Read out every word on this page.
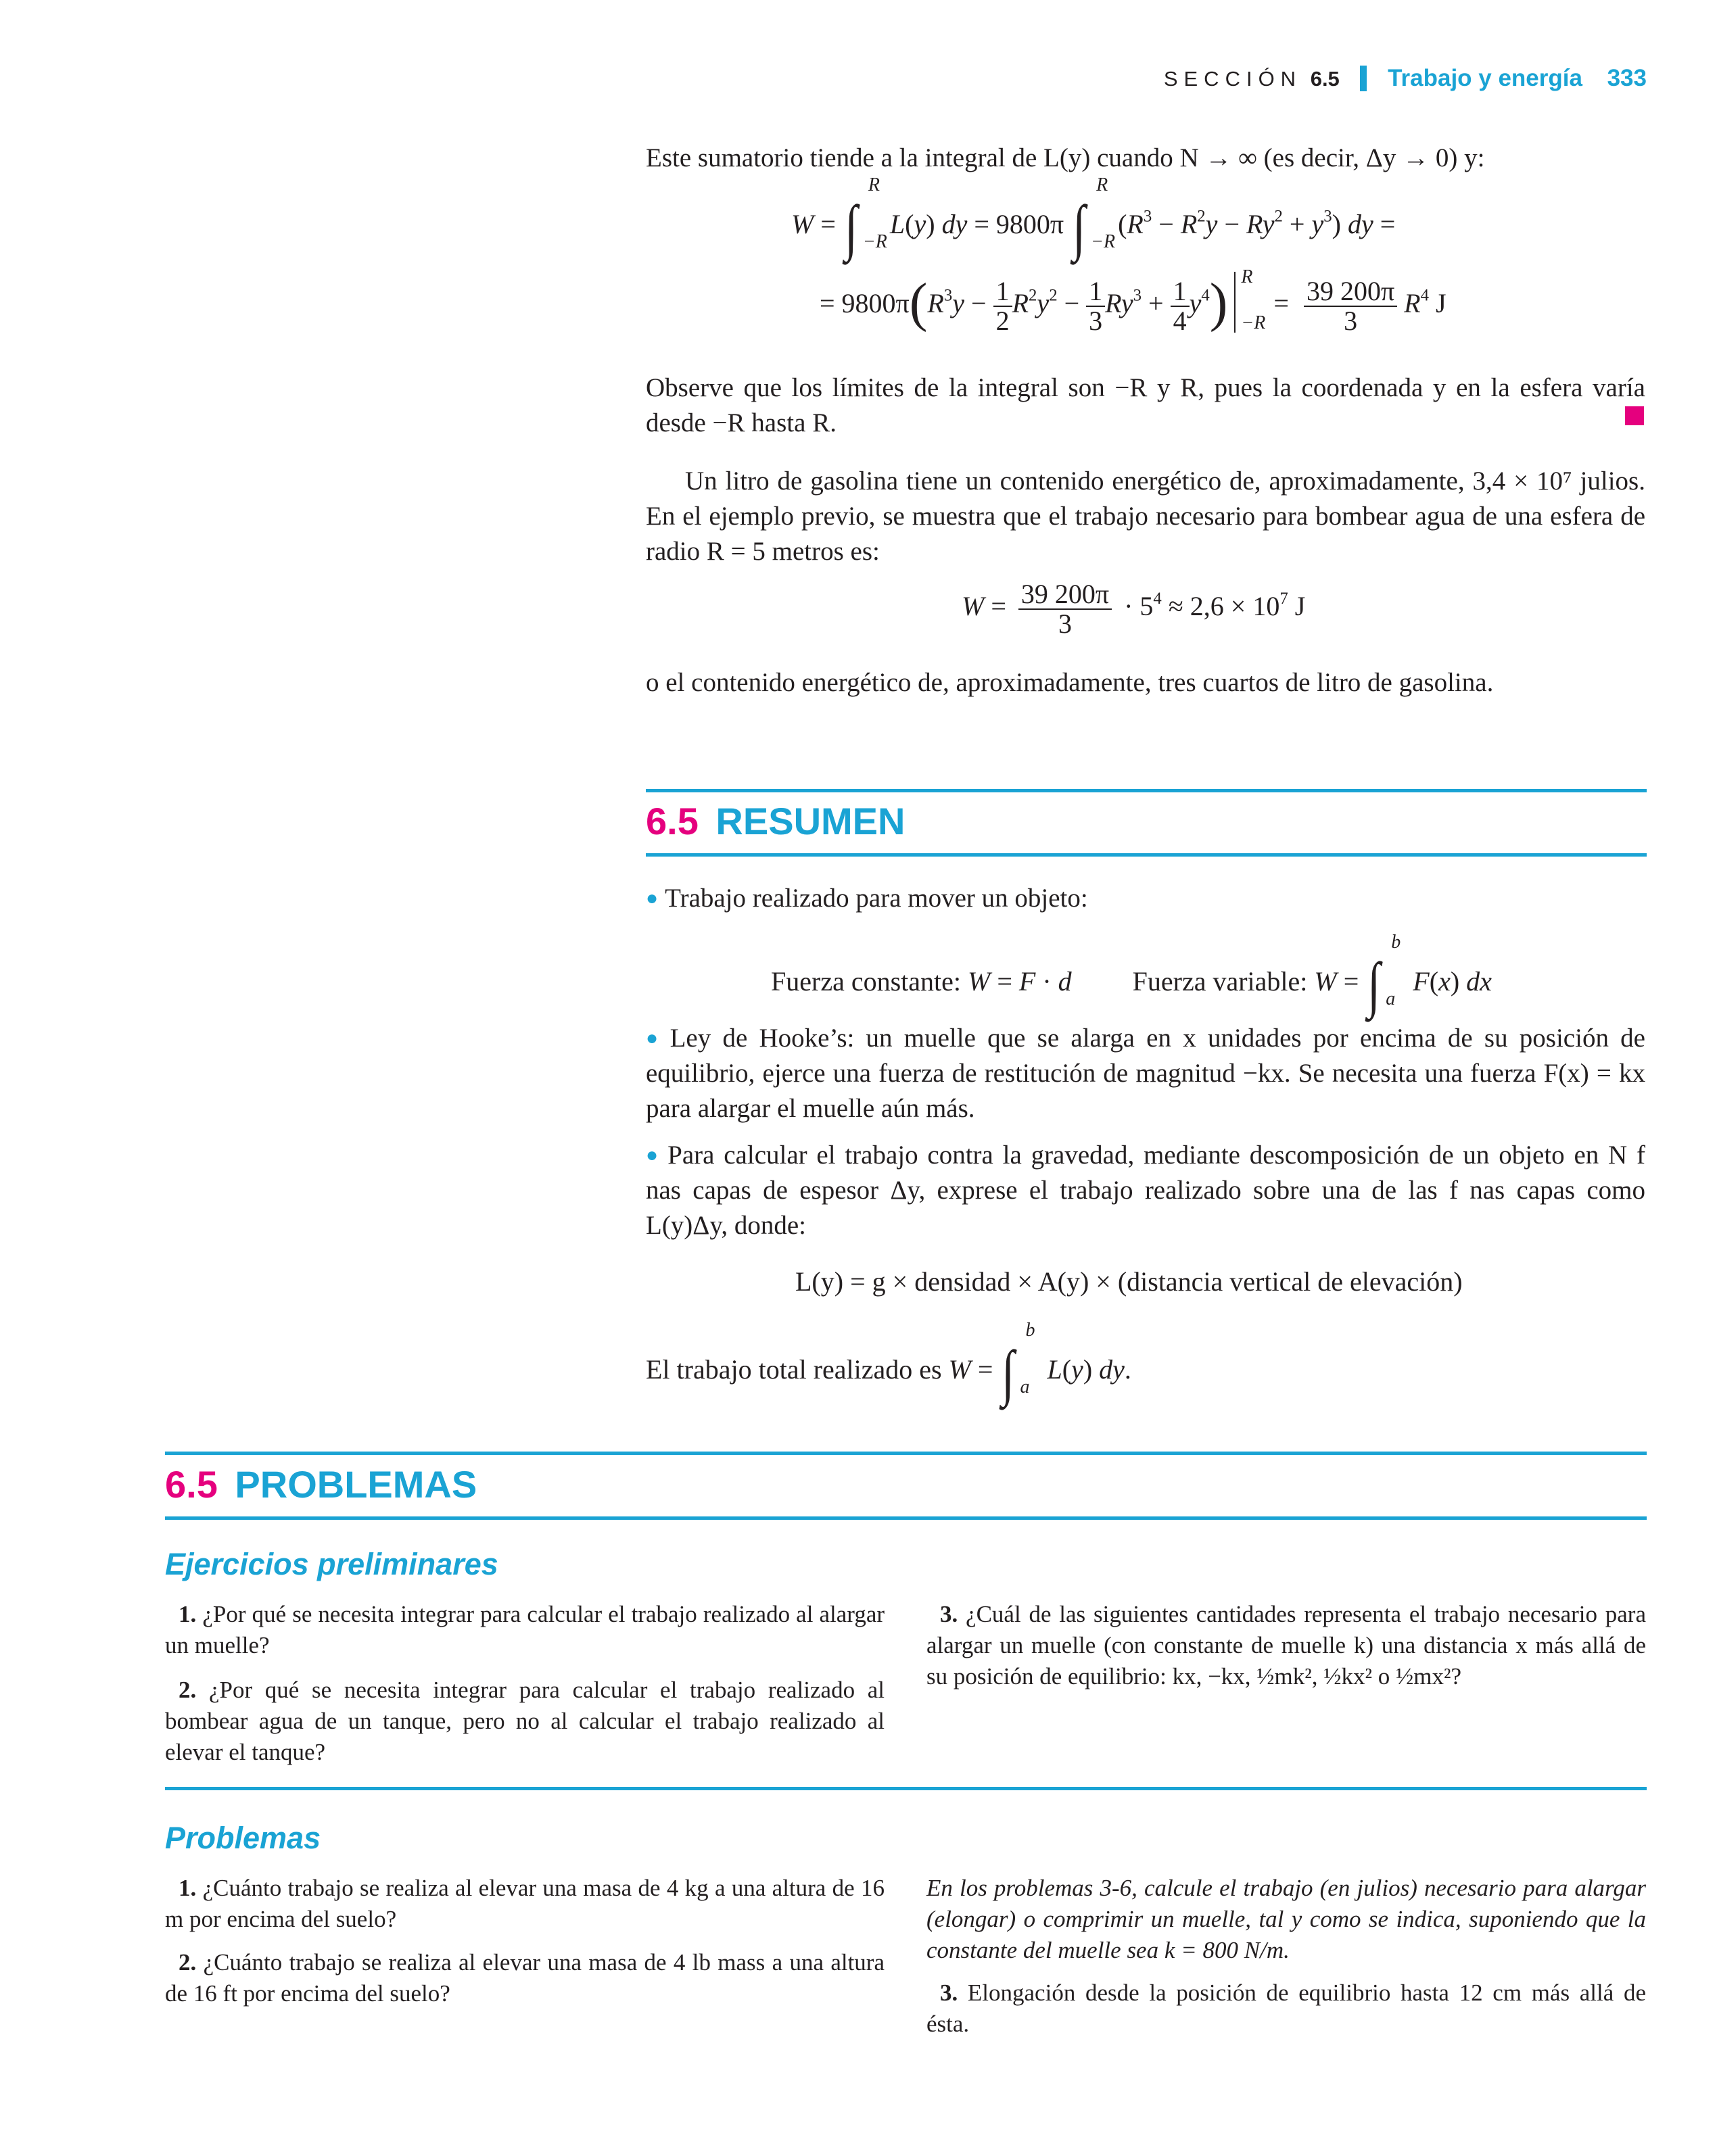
SECCIÓN 6.5 Trabajo y energía 333
Este sumatorio tiende a la integral de L(y) cuando N → ∞ (es decir, Δy → 0) y:
W = ∫
R
−R
L(y) dy = 9800π ∫
R
−R
$(R^3 - R^2y - Ry^2 + y^3)$ dy =
= $9800\pi(R^3y - \frac{1}{2} R^2y^2 - \frac{1}{3} Ry^3 + \frac{1}{4} y^4)$ R
−R
= $\frac{39 200\pi}{3} R^4$ J
Observe que los límites de la integral son −R y R, pues la coordenada y en la esfera varía desde −R hasta R.
Un litro de gasolina tiene un contenido energético de, aproximadamente, 3,4 × 10⁷ julios. En el ejemplo previo, se muestra que el trabajo necesario para bombear agua de una esfera de radio R = 5 metros es:
$W = \frac{39 200\pi}{3} \cdot 5^4 \approx 2,6 \times 10^7$ J
o el contenido energético de, aproximadamente, tres cuartos de litro de gasolina.
6.5 RESUMEN
● Trabajo realizado para mover un objeto:
Fuerza constante: W = F · d Fuerza variable: W = ∫
b
a
F(x) dx
● Ley de Hooke’s: un muelle que se alarga en x unidades por encima de su posición de equilibrio, ejerce una fuerza de restitución de magnitud −kx. Se necesita una fuerza F(x) = kx para alargar el muelle aún más.
● Para calcular el trabajo contra la gravedad, mediante descomposición de un objeto en N f nas capas de espesor Δy, exprese el trabajo realizado sobre una de las f nas capas como L(y)Δy, donde:
L(y) = g × densidad × A(y) × (distancia vertical de elevación)
El trabajo total realizado es W = ∫
b
a
L(y) dy.
6.5 PROBLEMAS
Ejercicios preliminares
1. ¿Por qué se necesita integrar para calcular el trabajo realizado al alargar un muelle?
2. ¿Por qué se necesita integrar para calcular el trabajo realizado al bombear agua de un tanque, pero no al calcular el trabajo realizado al elevar el tanque?
3. ¿Cuál de las siguientes cantidades representa el trabajo necesario para alargar un muelle (con constante de muelle k) una distancia x más allá de su posición de equilibrio: kx, −kx, ½mk², ½kx² o ½mx²?
Problemas
1. ¿Cuánto trabajo se realiza al elevar una masa de 4 kg a una altura de 16 m por encima del suelo?
2. ¿Cuánto trabajo se realiza al elevar una masa de 4 lb mass a una altura de 16 ft por encima del suelo?
En los problemas 3-6, calcule el trabajo (en julios) necesario para alargar (elongar) o comprimir un muelle, tal y como se indica, suponiendo que la constante del muelle sea k = 800 N/m.
3. Elongación desde la posición de equilibrio hasta 12 cm más allá de ésta.
